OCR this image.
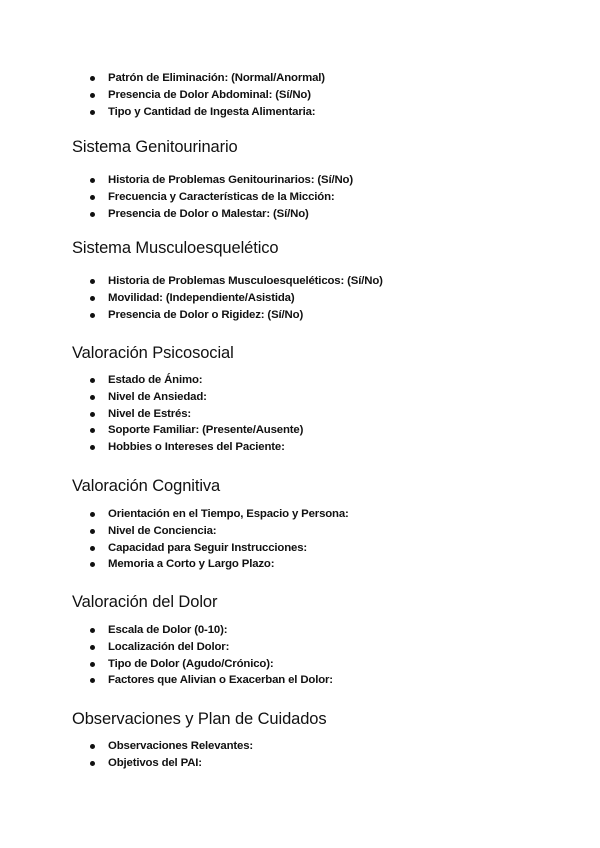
Patrón de Eliminación: (Normal/Anormal)
Presencia de Dolor Abdominal: (Sí/No)
Tipo y Cantidad de Ingesta Alimentaria:
Sistema Genitourinario
Historia de Problemas Genitourinarios: (Sí/No)
Frecuencia y Características de la Micción:
Presencia de Dolor o Malestar: (Sí/No)
Sistema Musculoesquelético
Historia de Problemas Musculoesqueléticos: (Sí/No)
Movilidad: (Independiente/Asistida)
Presencia de Dolor o Rigidez: (Sí/No)
Valoración Psicosocial
Estado de Ánimo:
Nivel de Ansiedad:
Nivel de Estrés:
Soporte Familiar: (Presente/Ausente)
Hobbies o Intereses del Paciente:
Valoración Cognitiva
Orientación en el Tiempo, Espacio y Persona:
Nivel de Conciencia:
Capacidad para Seguir Instrucciones:
Memoria a Corto y Largo Plazo:
Valoración del Dolor
Escala de Dolor (0-10):
Localización del Dolor:
Tipo de Dolor (Agudo/Crónico):
Factores que Alivian o Exacerban el Dolor:
Observaciones y Plan de Cuidados
Observaciones Relevantes:
Objetivos del PAI:
